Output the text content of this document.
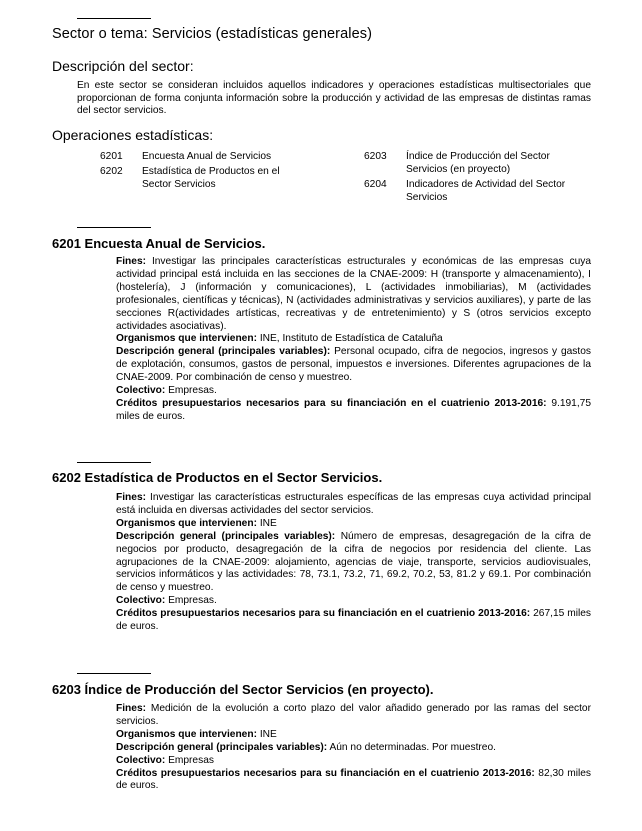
Sector o tema: Servicios (estadísticas generales)
Descripción del sector:
En este sector se consideran incluidos aquellos indicadores y operaciones estadísticas multisectoriales que proporcionan de forma conjunta información sobre la producción y actividad de las empresas de distintas ramas del sector servicios.
Operaciones estadísticas:
6201 Encuesta Anual de Servicios
6202 Estadística de Productos en el Sector Servicios
6203 Índice de Producción del Sector Servicios (en proyecto)
6204 Indicadores de Actividad del Sector Servicios
6201 Encuesta Anual de Servicios.

Fines: Investigar las principales características estructurales y económicas de las empresas cuya actividad principal está incluida en las secciones de la CNAE-2009: H (transporte y almacenamiento), I (hostelería), J (información y comunicaciones), L (actividades inmobiliarias), M (actividades profesionales, científicas y técnicas), N (actividades administrativas y servicios auxiliares), y parte de las secciones R(actividades artísticas, recreativas y de entretenimiento) y S (otros servicios excepto actividades asociativas).

Organismos que intervienen: INE, Instituto de Estadística de Cataluña

Descripción general (principales variables): Personal ocupado, cifra de negocios, ingresos y gastos de explotación, consumos, gastos de personal, impuestos e inversiones. Diferentes agrupaciones de la CNAE-2009. Por combinación de censo y muestreo.

Colectivo: Empresas.

Créditos presupuestarios necesarios para su financiación en el cuatrienio 2013-2016: 9.191,75 miles de euros.

6202 Estadística de Productos en el Sector Servicios.

Fines: Investigar las características estructurales específicas de las empresas cuya actividad principal está incluida en diversas actividades del sector servicios.

Organismos que intervienen: INE

Descripción general (principales variables): Número de empresas, desagregación de la cifra de negocios por producto, desagregación de la cifra de negocios por residencia del cliente. Las agrupaciones de la CNAE-2009: alojamiento, agencias de viaje, transporte, servicios audiovisuales, servicios informáticos y las actividades: 78, 73.1, 73.2, 71, 69.2, 70.2, 53, 81.2 y 69.1. Por combinación de censo y muestreo.

Colectivo: Empresas.

Créditos presupuestarios necesarios para su financiación en el cuatrienio 2013-2016: 267,15 miles de euros.

6203 Índice de Producción del Sector Servicios (en proyecto).

Fines: Medición de la evolución a corto plazo del valor añadido generado por las ramas del sector servicios.

Organismos que intervienen: INE

Descripción general (principales variables): Aún no determinadas. Por muestreo.

Colectivo: Empresas

Créditos presupuestarios necesarios para su financiación en el cuatrienio 2013-2016: 82,30 miles de euros.
